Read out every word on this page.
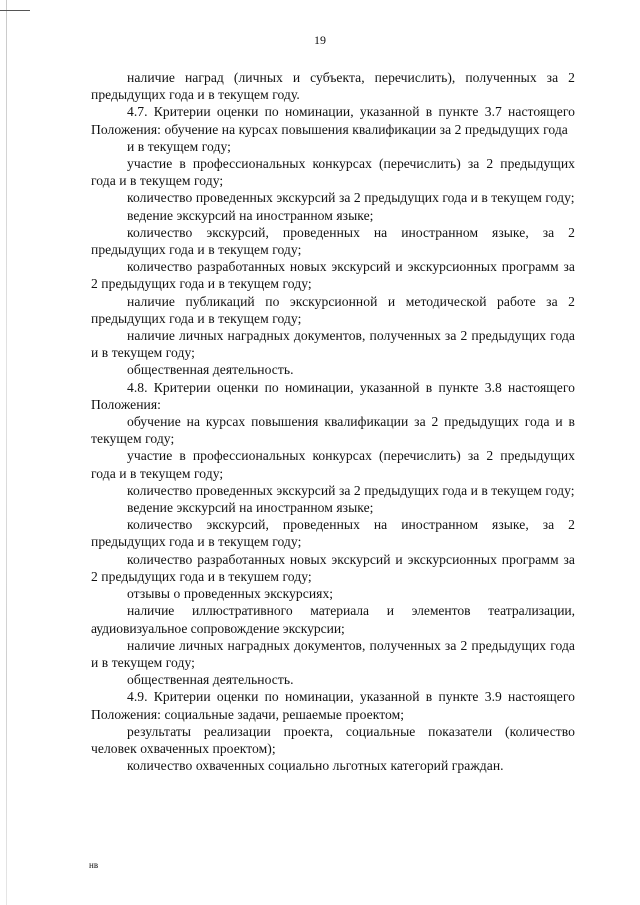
19

наличие наград (личных и субъекта, перечислить), полученных за 2 предыдущих года и в текущем году.

4.7. Критерии оценки по номинации, указанной в пункте 3.7 настоящего Положения: обучение на курсах повышения квалификации за 2 предыдущих года

и в текущем году;

участие в профессиональных конкурсах (перечислить) за 2 предыдущих года и в текущем году;

количество проведенных экскурсий за 2 предыдущих года и в текущем году;

ведение экскурсий на иностранном языке;

количество экскурсий, проведенных на иностранном языке, за 2 предыдущих года и в текущем году;

количество разработанных новых экскурсий и экскурсионных программ за 2 предыдущих года и в текущем году;

наличие публикаций по экскурсионной и методической работе за 2 предыдущих года и в текущем году;

наличие личных наградных документов, полученных за 2 предыдущих года и в текущем году;

общественная деятельность.

4.8. Критерии оценки по номинации, указанной в пункте 3.8 настоящего Положения:

обучение на курсах повышения квалификации за 2 предыдущих года и в текущем году;

участие в профессиональных конкурсах (перечислить) за 2 предыдущих года и в текущем году;

количество проведенных экскурсий за 2 предыдущих года и в текущем году;

ведение экскурсий на иностранном языке;

количество экскурсий, проведенных на иностранном языке, за 2 предыдущих года и в текущем году;

количество разработанных новых экскурсий и экскурсионных программ за 2 предыдущих года и в текушем году;

отзывы о проведенных экскурсиях;

наличие иллюстративного материала и элементов театрализации, аудиовизуальное сопровождение экскурсии;

наличие личных наградных документов, полученных за 2 предыдущих года и в текущем году;

общественная деятельность.

4.9. Критерии оценки по номинации, указанной в пункте 3.9 настоящего Положения: социальные задачи, решаемые проектом;

результаты реализации проекта, социальные показатели (количество человек охваченных проектом);

количество охваченных социально льготных категорий граждан.

нв
